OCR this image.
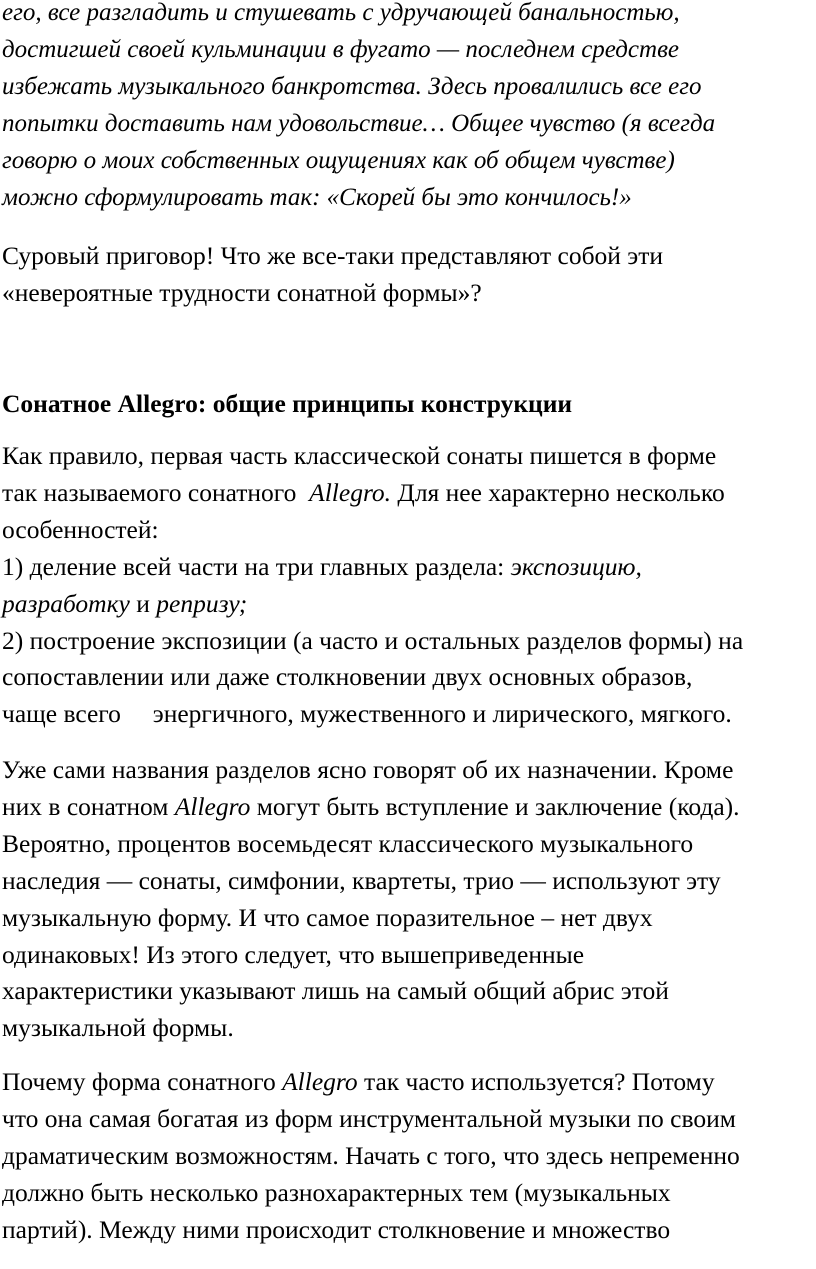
его, все разгладить и стушевать с удручающей банальностью,
достигшей своей кульминации в фугато — последнем средстве
избежать музыкального банкротства. Здесь провалились все его
попытки доставить нам удовольствие… Общее чувство (я всегда
говорю о моих собственных ощущениях как об общем чувстве)
можно сформулировать так: «Скорей бы это кончилось!»
Суровый приговор! Что же все-таки представляют собой эти
«невероятные трудности сонатной формы»?
Сонатное Allegro: общие принципы конструкции
Как правило, первая часть классической сонаты пишется в форме
так называемого сонатного Allegro. Для нее характерно несколько
особенностей:
1) деление всей части на три главных раздела: экспозицию,
разработку и репризу;
2) построение экспозиции (а часто и остальных разделов формы) на
сопоставлении или даже столкновении двух основных образов,
чаще всего энергичного, мужественного и лирического, мягкого.
Уже сами названия разделов ясно говорят об их назначении. Кроме
них в сонатном Allegro могут быть вступление и заключение (кода).
Вероятно, процентов восемьдесят классического музыкального
наследия — сонаты, симфонии, квартеты, трио — используют эту
музыкальную форму. И что самое поразительное – нет двух
одинаковых! Из этого следует, что вышеприведенные
характеристики указывают лишь на самый общий абрис этой
музыкальной формы.
Почему форма сонатного Allegro так часто используется? Потому
что она самая богатая из форм инструментальной музыки по своим
драматическим возможностям. Начать с того, что здесь непременно
должно быть несколько разнохарактерных тем (музыкальных
партий). Между ними происходит столкновение и множество
